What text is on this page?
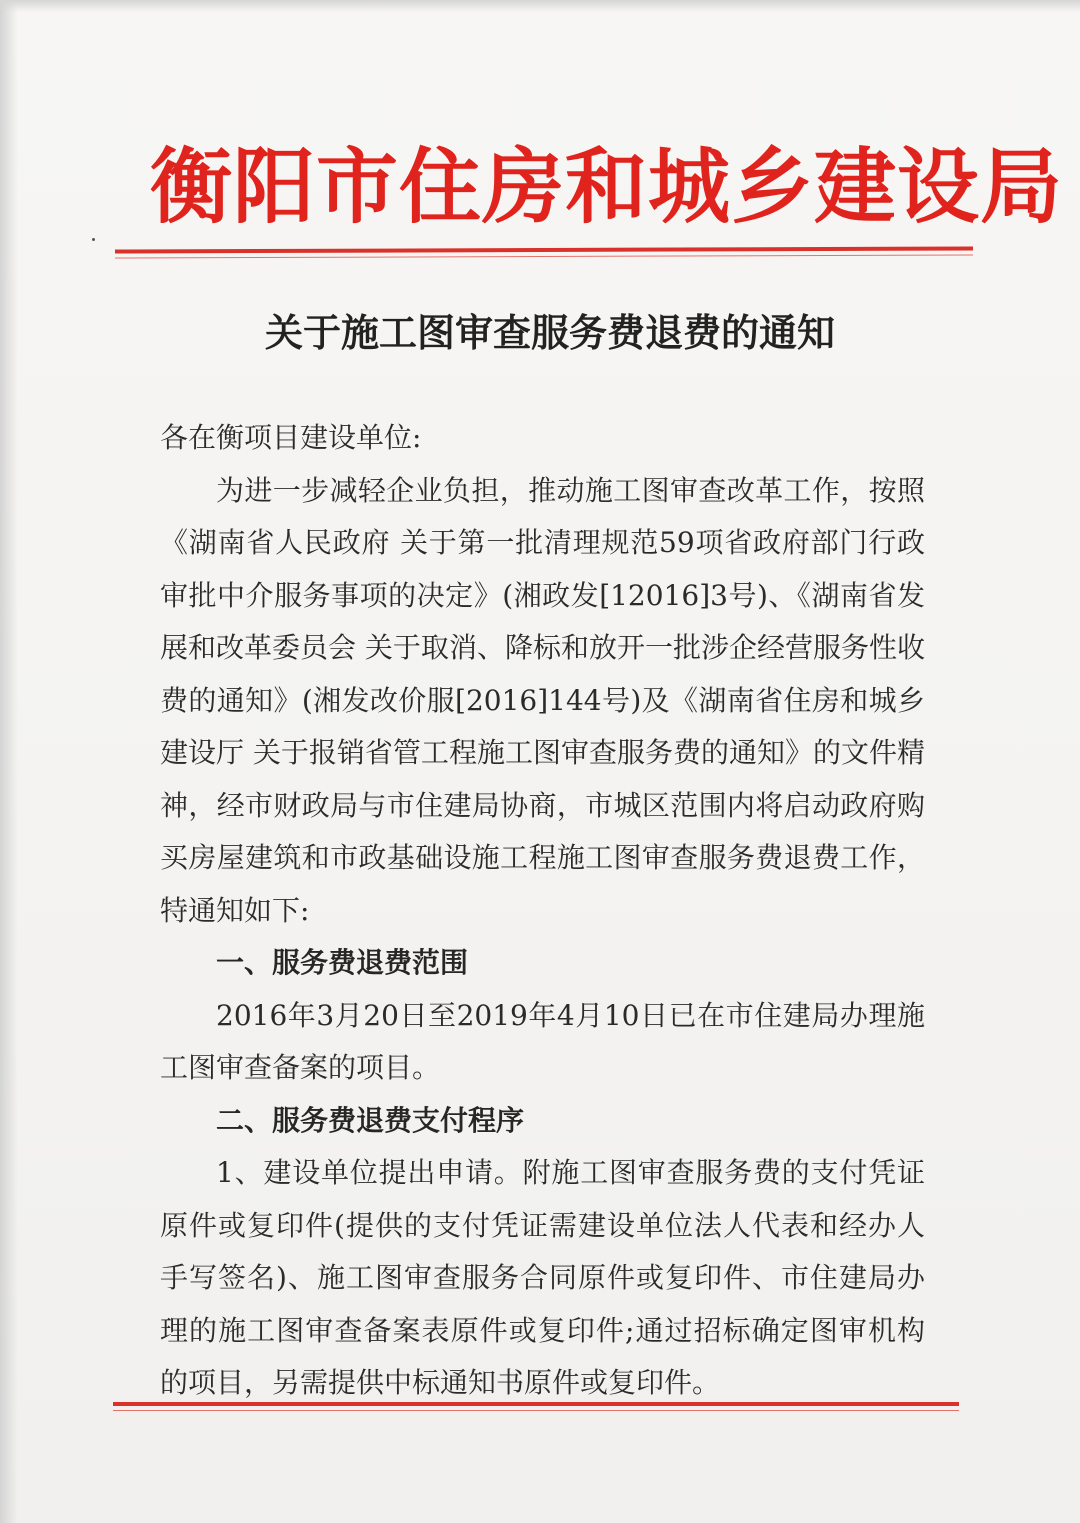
衡阳市住房和城乡建设局
关于施工图审查服务费退费的通知

各在衡项目建设单位:

为进一步减轻企业负担，推动施工图审查改革工作，按照《湖南省人民政府 关于第一批清理规范59项省政府部门行政审批中介服务事项的决定》(湘政发[12016]3号)、《湖南省发展和改革委员会 关于取消、降标和放开一批涉企经营服务性收费的通知》(湘发改价服[2016]144号)及《湖南省住房和城乡建设厅 关于报销省管工程施工图审查服务费的通知》的文件精神，经市财政局与市住建局协商，市城区范围内将启动政府购买房屋建筑和市政基础设施工程施工图审查服务费退费工作，特通知如下:

一、服务费退费范围

2016年3月20日至2019年4月10日已在市住建局办理施工图审查备案的项目。

二、服务费退费支付程序

1、建设单位提出申请。附施工图审查服务费的支付凭证原件或复印件(提供的支付凭证需建设单位法人代表和经办人手写签名)、施工图审查服务合同原件或复印件、市住建局办理的施工图审查备案表原件或复印件;通过招标确定图审机构的项目，另需提供中标通知书原件或复印件。
